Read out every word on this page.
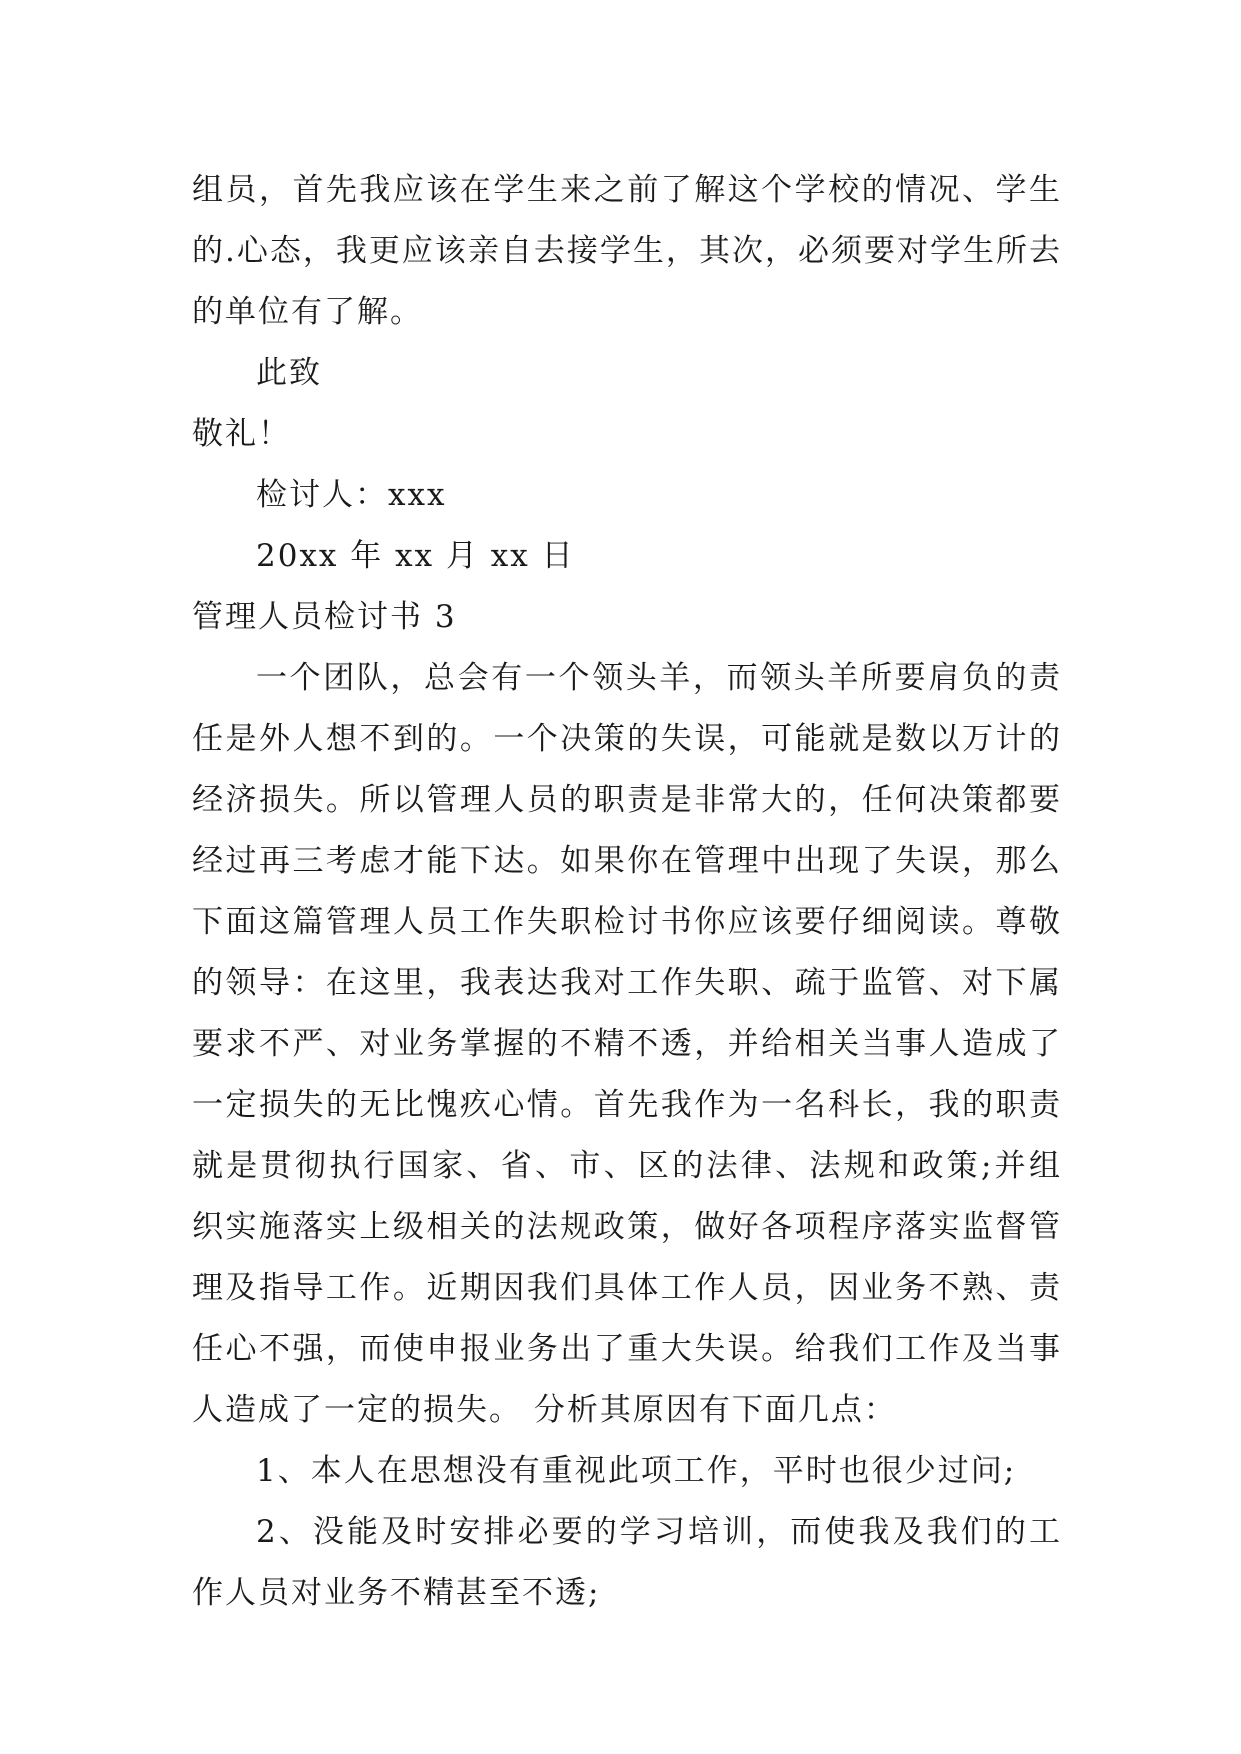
组员，首先我应该在学生来之前了解这个学校的情况、学生的.心态，我更应该亲自去接学生，其次，必须要对学生所去的单位有了解。

此致

敬礼！

检讨人：xxx

20xx 年 xx 月 xx 日

管理人员检讨书 3

一个团队，总会有一个领头羊，而领头羊所要肩负的责任是外人想不到的。一个决策的失误，可能就是数以万计的经济损失。所以管理人员的职责是非常大的，任何决策都要经过再三考虑才能下达。如果你在管理中出现了失误，那么下面这篇管理人员工作失职检讨书你应该要仔细阅读。尊敬的领导：在这里，我表达我对工作失职、疏于监管、对下属要求不严、对业务掌握的不精不透，并给相关当事人造成了一定损失的无比愧疚心情。首先我作为一名科长，我的职责就是贯彻执行国家、省、市、区的法律、法规和政策;并组织实施落实上级相关的法规政策，做好各项程序落实监督管理及指导工作。近期因我们具体工作人员，因业务不熟、责任心不强，而使申报业务出了重大失误。给我们工作及当事人造成了一定的损失。 分析其原因有下面几点：

1、本人在思想没有重视此项工作，平时也很少过问;

2、没能及时安排必要的学习培训，而使我及我们的工作人员对业务不精甚至不透;
